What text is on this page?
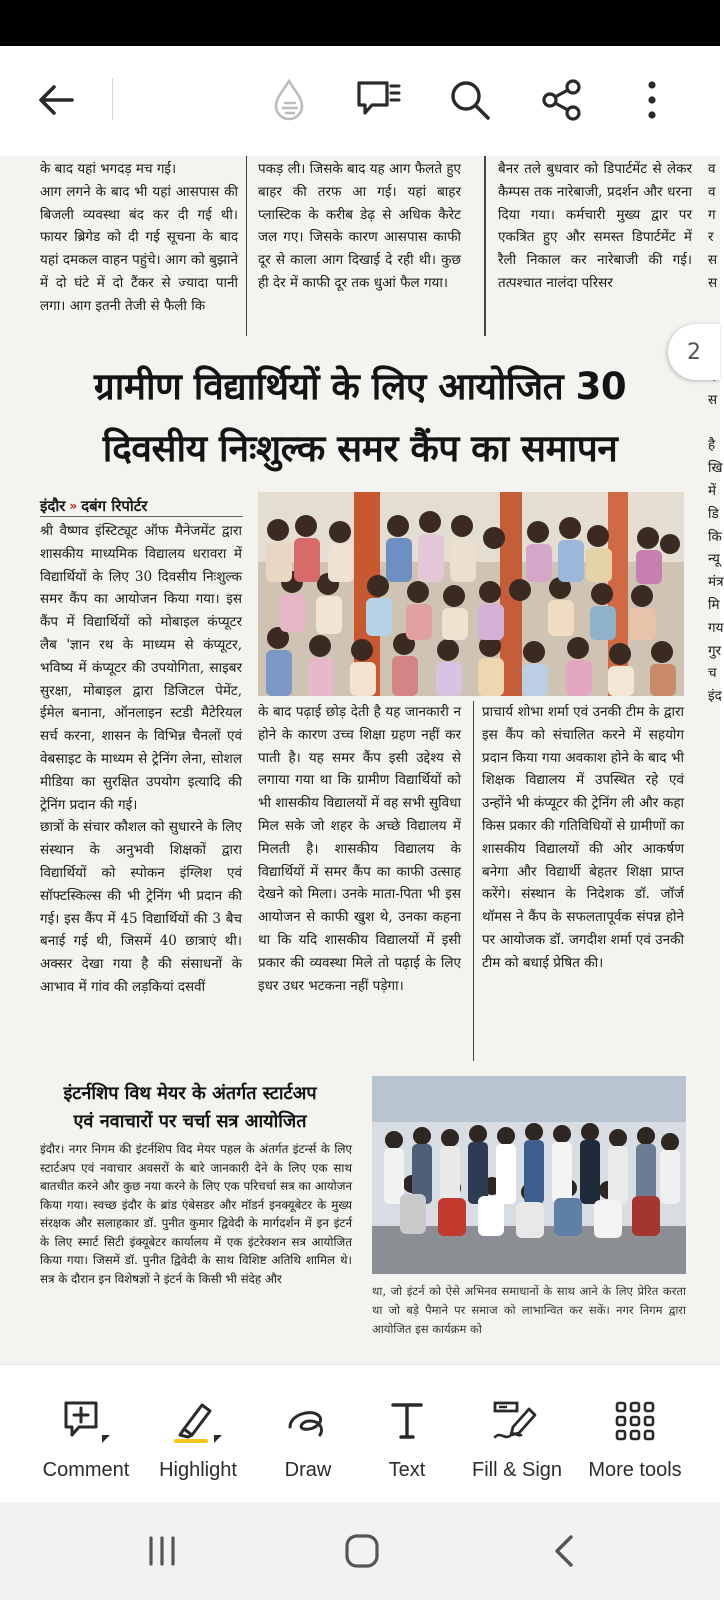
के बाद यहां भगदड़ मच गई।
आग लगने के बाद भी यहां आसपास की बिजली व्यवस्था बंद कर दी गई थी। फायर ब्रिगेड को दी गई सूचना के बाद यहां दमकल वाहन पहुंचे। आग को बुझाने में दो घंटे में दो टैंकर से ज्यादा पानी लगा। आग इतनी तेजी से फैली कि
पकड़ ली। जिसके बाद यह आग फैलते हुए बाहर की तरफ आ गई। यहां बाहर प्लास्टिक के करीब डेढ़ से अधिक कैरेट जल गए। जिसके कारण आसपास काफी दूर से काला आग दिखाई दे रही थी। कुछ ही देर में काफी दूर तक धुआं फैल गया।
बैनर तले बुधवार को डिपार्टमेंट से लेकर कैम्पस तक नारेबाजी, प्रदर्शन और धरना दिया गया। कर्मचारी मुख्य द्वार पर एकत्रित हुए और समस्त डिपार्टमेंट में रैली निकाल कर नारेबाजी की गई। तत्पश्चात नालंदा परिसर
व
व
ग
र
स
स
2
ग्रामीण विद्यार्थियों के लिए आयोजित 30
दिवसीय निःशुल्क समर कैंप का समापन
इंदौर » दबंग रिपोर्टर
श्री वैष्णव इंस्टिट्यूट ऑफ मैनेजमेंट द्वारा शासकीय माध्यमिक विद्यालय धरावरा में विद्यार्थियों के लिए 30 दिवसीय निःशुल्क समर कैंप का आयोजन किया गया। इस कैंप में विद्यार्थियों को मोबाइल कंप्यूटर लैब 'ज्ञान रथ के माध्यम से कंप्यूटर, भविष्य में कंप्यूटर की उपयोगिता, साइबर सुरक्षा, मोबाइल द्वारा डिजिटल पेमेंट, ईमेल बनाना, ऑनलाइन स्टडी मैटेरियल सर्च करना, शासन के विभिन्न चैनलों एवं वेबसाइट के माध्यम से ट्रेनिंग लेना, सोशल मीडिया का सुरक्षित उपयोग इत्यादि की ट्रेनिंग प्रदान की गई।
छात्रों के संचार कौशल को सुधारने के लिए संस्थान के अनुभवी शिक्षकों द्वारा विद्यार्थियों को स्पोकन इंग्लिश एवं सॉफ्टस्किल्स की भी ट्रेनिंग भी प्रदान की गई। इस कैंप में 45 विद्यार्थियों की 3 बैच बनाई गई थी, जिसमें 40 छात्राएं थी। अक्सर देखा गया है की संसाधनों के आभाव में गांव की लड़कियां दसवीं
के बाद पढ़ाई छोड़ देती है यह जानकारी न होने के कारण उच्च शिक्षा ग्रहण नहीं कर पाती है। यह समर कैंप इसी उद्देश्य से लगाया गया था कि ग्रामीण विद्यार्थियों को भी शासकीय विद्यालयों में वह सभी सुविधा मिल सके जो शहर के अच्छे विद्यालय में मिलती है। शासकीय विद्यालय के विद्यार्थियों में समर कैंप का काफी उत्साह देखने को मिला। उनके माता-पिता भी इस आयोजन से काफी खुश थे, उनका कहना था कि यदि शासकीय विद्यालयों में इसी प्रकार की व्यवस्था मिले तो पढ़ाई के लिए इधर उधर भटकना नहीं पड़ेगा।
प्राचार्य शोभा शर्मा एवं उनकी टीम के द्वारा इस कैंप को संचालित करने में सहयोग प्रदान किया गया अवकाश होने के बाद भी शिक्षक विद्यालय में उपस्थित रहे एवं उन्होंने भी कंप्यूटर की ट्रेनिंग ली और कहा किस प्रकार की गतिविधियों से ग्रामीणों का शासकीय विद्यालयों की ओर आकर्षण बनेगा और विद्यार्थी बेहतर शिक्षा प्राप्त करेंगे। संस्थान के निदेशक डॉ. जॉर्ज थॉमस ने कैंप के सफलतापूर्वक संपन्न होने पर आयोजक डॉ. जगदीश शर्मा एवं उनकी टीम को बधाई प्रेषित की।

स

है
खि
में
डि
कि
न्यू
मंत्र
मि
गय
गुर
च
इंद
इंटर्नशिप विथ मेयर के अंतर्गत स्टार्टअप
एवं नवाचारों पर चर्चा सत्र आयोजित
इंदौर। नगर निगम की इंटर्नशिप विद मेयर पहल के अंतर्गत इंटर्न्स के लिए स्टार्टअप एवं नवाचार अवसरों के बारे जानकारी देने के लिए एक साथ बातचीत करने और कुछ नया करने के लिए एक परिचर्चा सत्र का आयोजन किया गया। स्वच्छ इंदौर के ब्रांड एंबेसडर और मॉडर्न इनक्यूबेटर के मुख्य संरक्षक और सलाहकार डॉ. पुनीत कुमार द्विवेदी के मार्गदर्शन में इन इंटर्न के लिए स्मार्ट सिटी इंक्यूबेटर कार्यालय में एक इंटरेक्शन सत्र आयोजित किया गया। जिसमें डॉ. पुनीत द्विवेदी के साथ विशिष्ट अतिथि शामिल थे। सत्र के दौरान इन विशेषज्ञों ने इंटर्न के किसी भी संदेह और
था, जो इंटर्न को ऐसे अभिनव समाधानों के साथ आने के लिए प्रेरित करता था जो बड़े पैमाने पर समाज को लाभान्वित कर सकें। नगर निगम द्वारा आयोजित इस कार्यक्रम को
Comment Highlight Draw	Text Fill & Sign More tools
